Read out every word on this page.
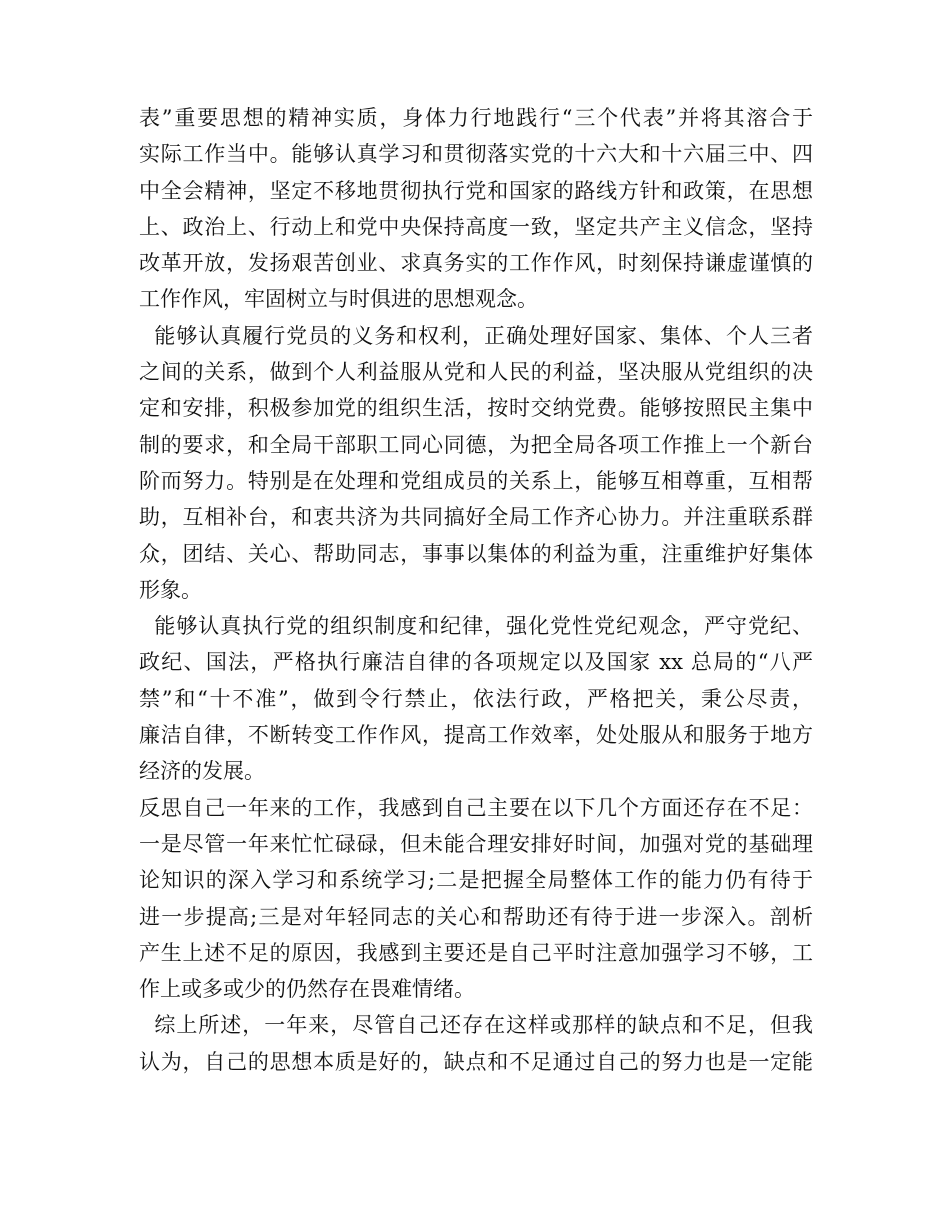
表”重要思想的精神实质，身体力行地践行“三个代表”并将其溶合于
实际工作当中。能够认真学习和贯彻落实党的十六大和十六届三中、四
中全会精神，坚定不移地贯彻执行党和国家的路线方针和政策，在思想
上、政治上、行动上和党中央保持高度一致，坚定共产主义信念，坚持
改革开放，发扬艰苦创业、求真务实的工作作风，时刻保持谦虚谨慎的
工作作风，牢固树立与时俱进的思想观念。
能够认真履行党员的义务和权利，正确处理好国家、集体、个人三者
之间的关系，做到个人利益服从党和人民的利益，坚决服从党组织的决
定和安排，积极参加党的组织生活，按时交纳党费。能够按照民主集中
制的要求，和全局干部职工同心同德，为把全局各项工作推上一个新台
阶而努力。特别是在处理和党组成员的关系上，能够互相尊重，互相帮
助，互相补台，和衷共济为共同搞好全局工作齐心协力。并注重联系群
众，团结、关心、帮助同志，事事以集体的利益为重，注重维护好集体
形象。
能够认真执行党的组织制度和纪律，强化党性党纪观念，严守党纪、
政纪、国法，严格执行廉洁自律的各项规定以及国家 xx 总局的“八严
禁”和“十不准”，做到令行禁止，依法行政，严格把关，秉公尽责，
廉洁自律，不断转变工作作风，提高工作效率，处处服从和服务于地方
经济的发展。
反思自己一年来的工作，我感到自己主要在以下几个方面还存在不足：
一是尽管一年来忙忙碌碌，但未能合理安排好时间，加强对党的基础理
论知识的深入学习和系统学习;二是把握全局整体工作的能力仍有待于
进一步提高;三是对年轻同志的关心和帮助还有待于进一步深入。剖析
产生上述不足的原因，我感到主要还是自己平时注意加强学习不够，工
作上或多或少的仍然存在畏难情绪。
综上所述，一年来，尽管自己还存在这样或那样的缺点和不足，但我
认为，自己的思想本质是好的，缺点和不足通过自己的努力也是一定能
